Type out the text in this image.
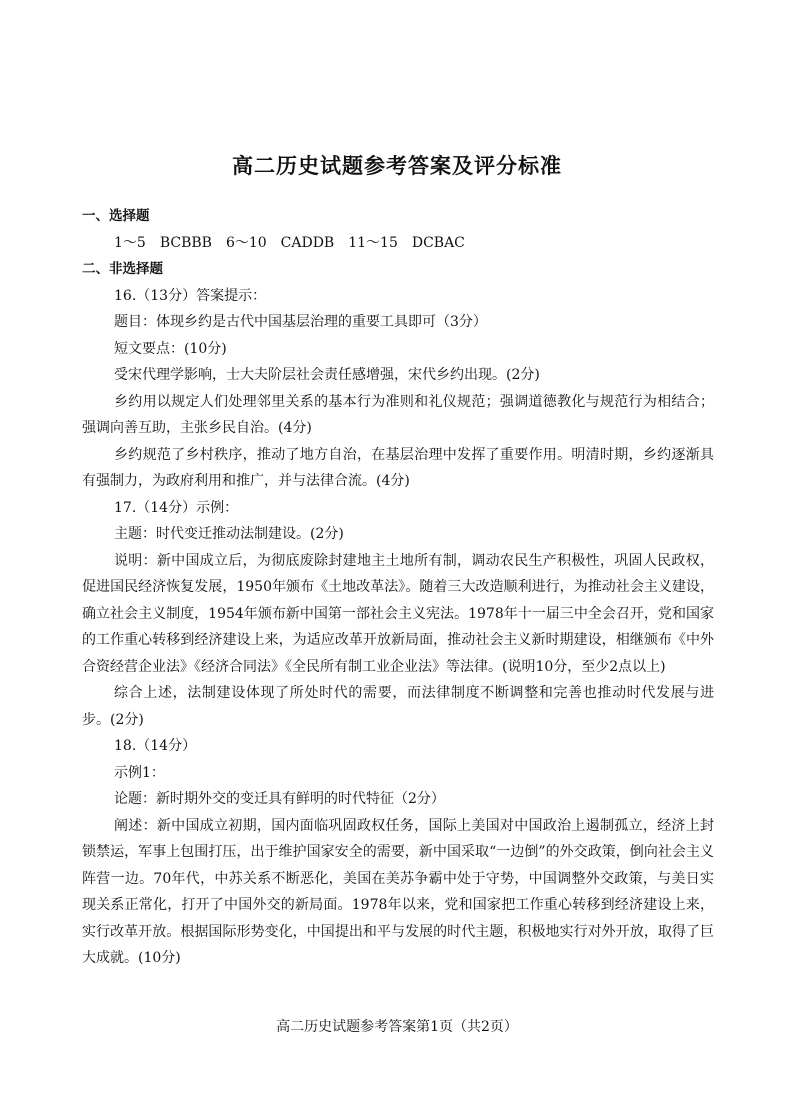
高二历史试题参考答案及评分标准
一、选择题
1～5　BCBBB　6～10　CADDB　11～15　DCBAC
二、非选择题
16.（13分）答案提示：
题目：体现乡约是古代中国基层治理的重要工具即可（3分）
短文要点：(10分)
受宋代理学影响，士大夫阶层社会责任感增强，宋代乡约出现。(2分)
乡约用以规定人们处理邻里关系的基本行为准则和礼仪规范；强调道德教化与规范行为相结合；强调向善互助，主张乡民自治。(4分)
乡约规范了乡村秩序，推动了地方自治，在基层治理中发挥了重要作用。明清时期，乡约逐渐具有强制力，为政府利用和推广，并与法律合流。(4分)
17.（14分）示例：
主题：时代变迁推动法制建设。(2分)
说明：新中国成立后，为彻底废除封建地主土地所有制，调动农民生产积极性，巩固人民政权，促进国民经济恢复发展，1950年颁布《土地改革法》。随着三大改造顺利进行，为推动社会主义建设，确立社会主义制度，1954年颁布新中国第一部社会主义宪法。1978年十一届三中全会召开，党和国家的工作重心转移到经济建设上来，为适应改革开放新局面，推动社会主义新时期建设，相继颁布《中外合资经营企业法》《经济合同法》《全民所有制工业企业法》等法律。(说明10分，至少2点以上)
综合上述，法制建设体现了所处时代的需要，而法律制度不断调整和完善也推动时代发展与进步。(2分)
18.（14分）
示例1：
论题：新时期外交的变迁具有鲜明的时代特征（2分）
阐述：新中国成立初期，国内面临巩固政权任务，国际上美国对中国政治上遏制孤立，经济上封锁禁运，军事上包围打压，出于维护国家安全的需要，新中国采取“一边倒”的外交政策，倒向社会主义阵营一边。70年代，中苏关系不断恶化，美国在美苏争霸中处于守势，中国调整外交政策，与美日实现关系正常化，打开了中国外交的新局面。1978年以来，党和国家把工作重心转移到经济建设上来，实行改革开放。根据国际形势变化，中国提出和平与发展的时代主题，积极地实行对外开放，取得了巨大成就。(10分)
高二历史试题参考答案第1页（共2页）
